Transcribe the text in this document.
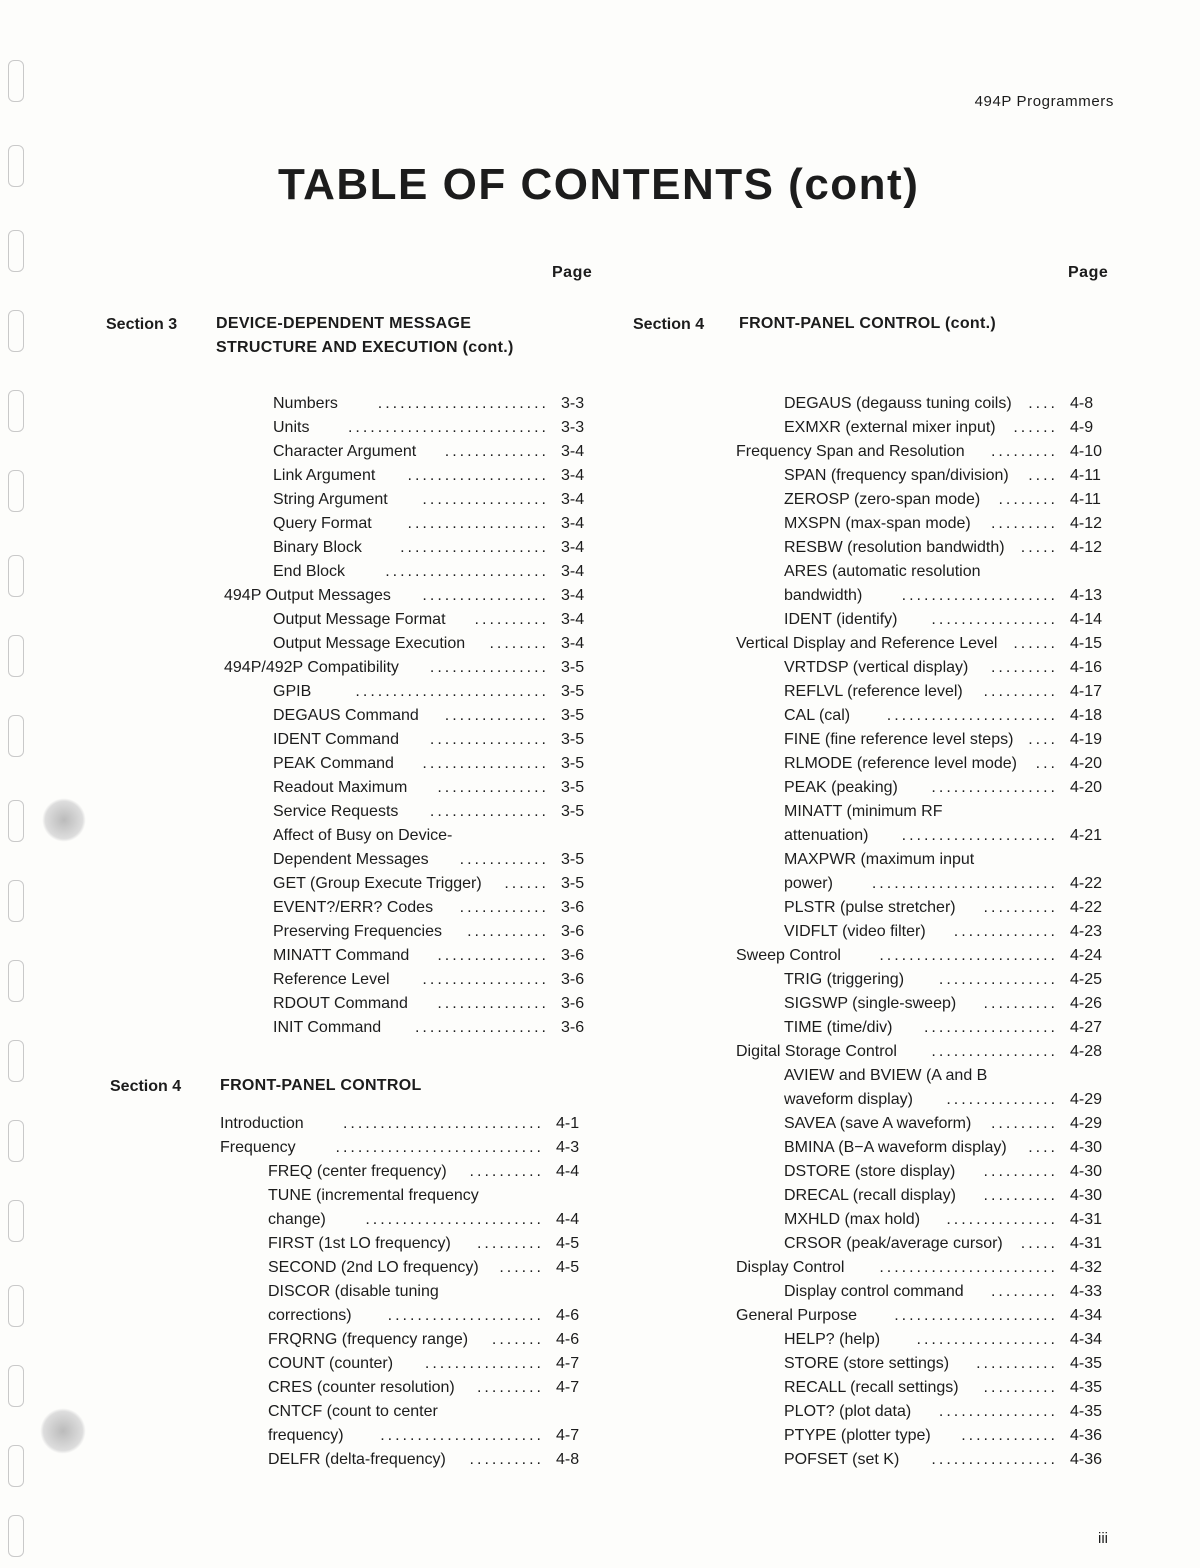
494P Programmers
TABLE OF CONTENTS (cont)
Page	Page
Section 3 DEVICE-DEPENDENT MESSAGE
STRUCTURE AND EXECUTION (cont.)
Numbers	....................... 3-3
Units	........................... 3-3
Character Argument	.............. 3-4
Link Argument	................... 3-4
String Argument	................. 3-4
Query Format	................... 3-4
Binary Block	.................... 3-4
End Block	...................... 3-4
494P Output Messages	................. 3-4
Output Message Format	.......... 3-4
Output Message Execution	........ 3-4
494P/492P Compatibility	................ 3-5
GPIB	.......................... 3-5
DEGAUS Command	.............. 3-5
IDENT Command	................ 3-5
PEAK Command	................. 3-5
Readout Maximum	............... 3-5
Service Requests	................ 3-5
Affect of Busy on Device-
Dependent Messages	............ 3-5
GET (Group Execute Trigger)	...... 3-5
EVENT?/ERR? Codes	............ 3-6
Preserving Frequencies	........... 3-6
MINATT Command	............... 3-6
Reference Level	................. 3-6
RDOUT Command	............... 3-6
INIT Command	.................. 3-6
Section 4 FRONT-PANEL CONTROL
Introduction	........................... 4-1
Frequency	............................ 4-3
FREQ (center frequency)	.......... 4-4
TUNE (incremental frequency
change)	........................ 4-4
FIRST (1st LO frequency)	......... 4-5
SECOND (2nd LO frequency)	...... 4-5
DISCOR (disable tuning
corrections)	..................... 4-6
FRQRNG (frequency range)	....... 4-6
COUNT (counter)	................ 4-7
CRES (counter resolution)	......... 4-7
CNTCF (count to center
frequency)	...................... 4-7
DELFR (delta-frequency)	.......... 4-8
Section 4 FRONT-PANEL CONTROL (cont.)
DEGAUS (degauss tuning coils)	.... 4-8
EXMXR (external mixer input)	...... 4-9
Frequency Span and Resolution	......... 4-10
SPAN (frequency span/division)	.... 4-11
ZEROSP (zero-span mode)	........ 4-11
MXSPN (max-span mode)	......... 4-12
RESBW (resolution bandwidth)	..... 4-12
ARES (automatic resolution
bandwidth)	..................... 4-13
IDENT (identify)	................. 4-14
Vertical Display and Reference Level ...... 4-15
VRTDSP (vertical display)	......... 4-16
REFLVL (reference level)	.......... 4-17
CAL (cal)	....................... 4-18
FINE (fine reference level steps) .... 4-19
RLMODE (reference level mode)	... 4-20
PEAK (peaking)	................. 4-20
MINATT (minimum RF
attenuation)	..................... 4-21
MAXPWR (maximum input
power)	......................... 4-22
PLSTR (pulse stretcher)	.......... 4-22
VIDFLT (video filter)	.............. 4-23
Sweep Control	........................ 4-24
TRIG (triggering)	................ 4-25
SIGSWP (single-sweep)	.......... 4-26
TIME (time/div)	.................. 4-27
Digital Storage Control	................. 4-28
AVIEW and BVIEW (A and B
waveform display)	............... 4-29
SAVEA (save A waveform)	......... 4-29
BMINA (B−A waveform display)	.... 4-30
DSTORE (store display)	.......... 4-30
DRECAL (recall display)	.......... 4-30
MXHLD (max hold)	............... 4-31
CRSOR (peak/average cursor)	..... 4-31
Display Control	........................ 4-32
Display control command	......... 4-33
General Purpose	...................... 4-34
HELP? (help)	................... 4-34
STORE (store settings)	........... 4-35
RECALL (recall settings)	.......... 4-35
PLOT? (plot data)	................ 4-35
PTYPE (plotter type)	............. 4-36
POFSET (set K)	................. 4-36
iii
